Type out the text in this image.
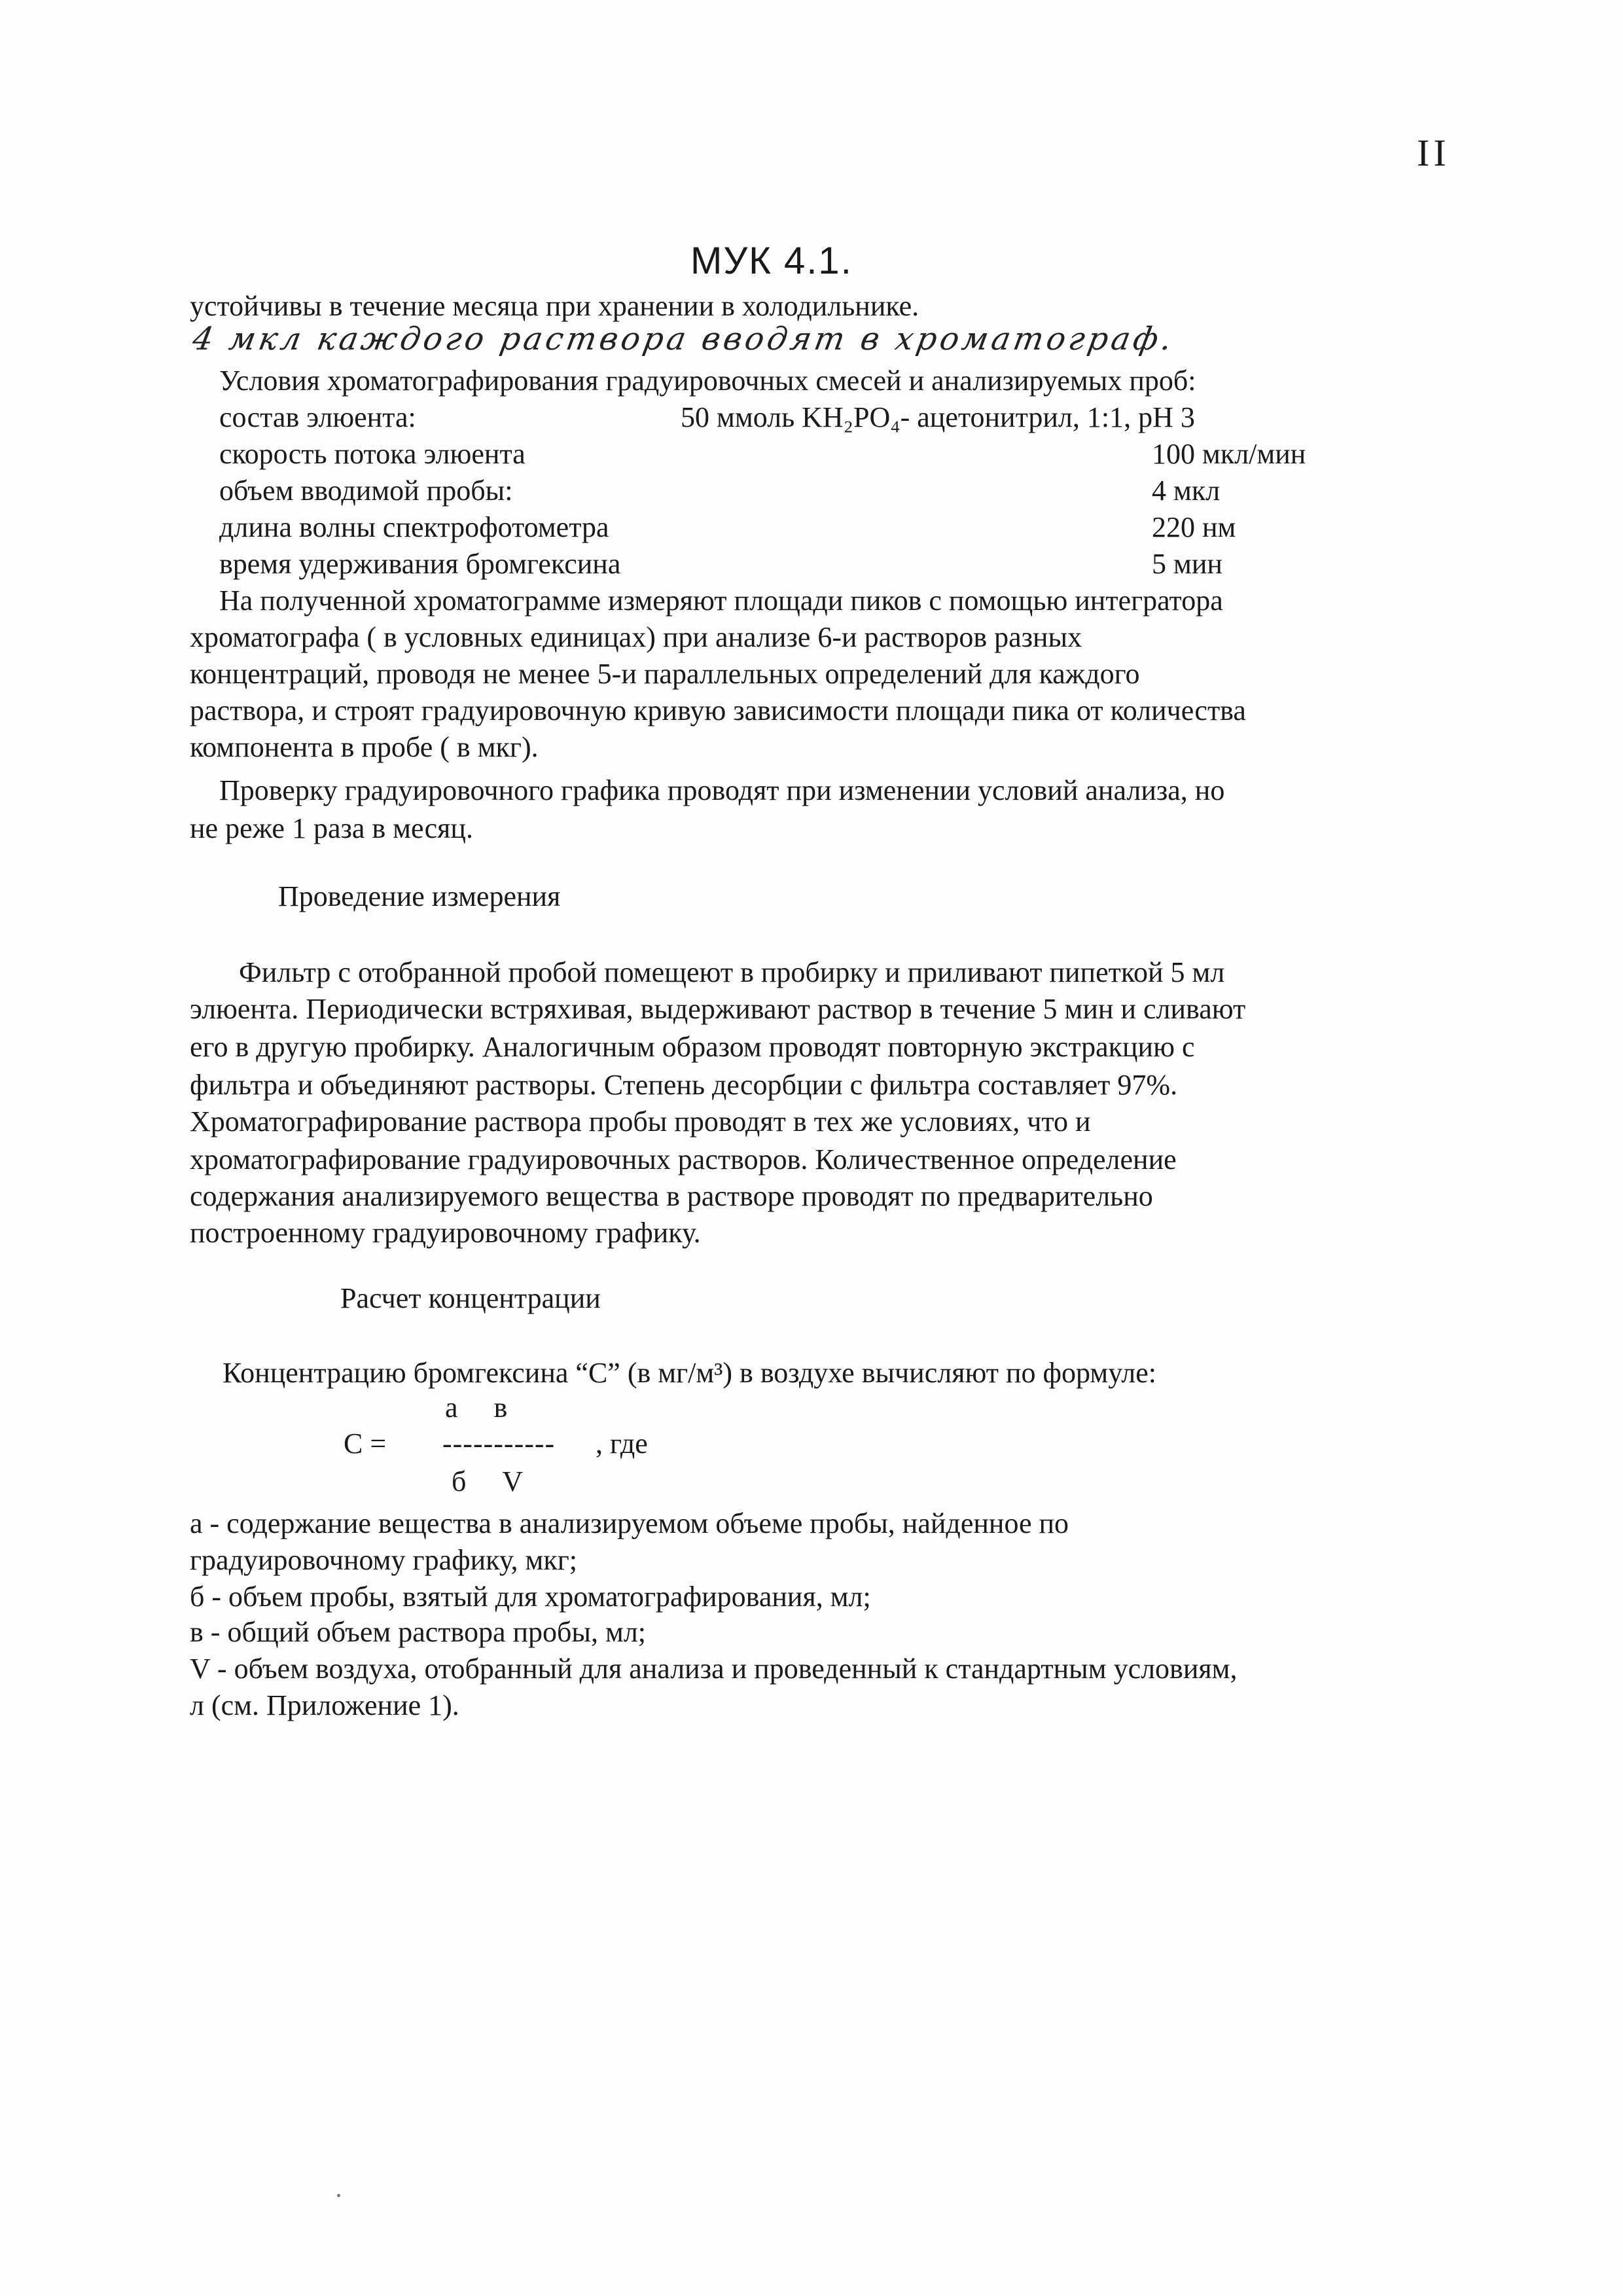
II
МУК 4.1.
устойчивы в течение месяца при хранении в холодильнике.
4 мкл каждого раствора вводят в хроматограф.
Условия хроматографирования градуировочных смесей и анализируемых проб:
состав элюента:	50 ммоль KH₂PO₄- ацетонитрил, 1:1, pH 3
скорость потока элюента	100 мкл/мин
объем вводимой пробы:	4 мкл
длина волны спектрофотометра	220 нм
время удерживания бромгексина	5 мин
На полученной хроматограмме измеряют площади пиков с помощью интегратора
хроматографа ( в условных единицах) при анализе 6-и растворов разных
концентраций, проводя не менее 5-и параллельных определений для каждого
раствора, и строят градуировочную кривую зависимости площади пика от количества
компонента в пробе ( в мкг).
Проверку градуировочного графика проводят при изменении условий анализа, но
не реже 1 раза в месяц.
Проведение измерения
Фильтр с отобранной пробой помещеют в пробирку и приливают пипеткой 5 мл
элюента. Периодически встряхивая, выдерживают раствор в течение 5 мин и сливают
его в другую пробирку. Аналогичным образом проводят повторную экстракцию с
фильтра и объединяют растворы. Степень десорбции с фильтра составляет 97%.
Хроматографирование раствора пробы проводят в тех же условиях, что и
хроматографирование градуировочных растворов. Количественное определение
содержания анализируемого вещества в растворе проводят по предварительно
построенному градуировочному графику.
Расчет концентрации
Концентрацию бромгексина “С” (в мг/м³) в воздухе вычисляют по формуле:
а в
С = ----------- , где
б V
а - содержание вещества в анализируемом объеме пробы, найденное по
градуировочному графику, мкг;
б - объем пробы, взятый для хроматографирования, мл;
в - общий объем раствора пробы, мл;
V - объем воздуха, отобранный для анализа и проведенный к стандартным условиям,
л (см. Приложение 1).
